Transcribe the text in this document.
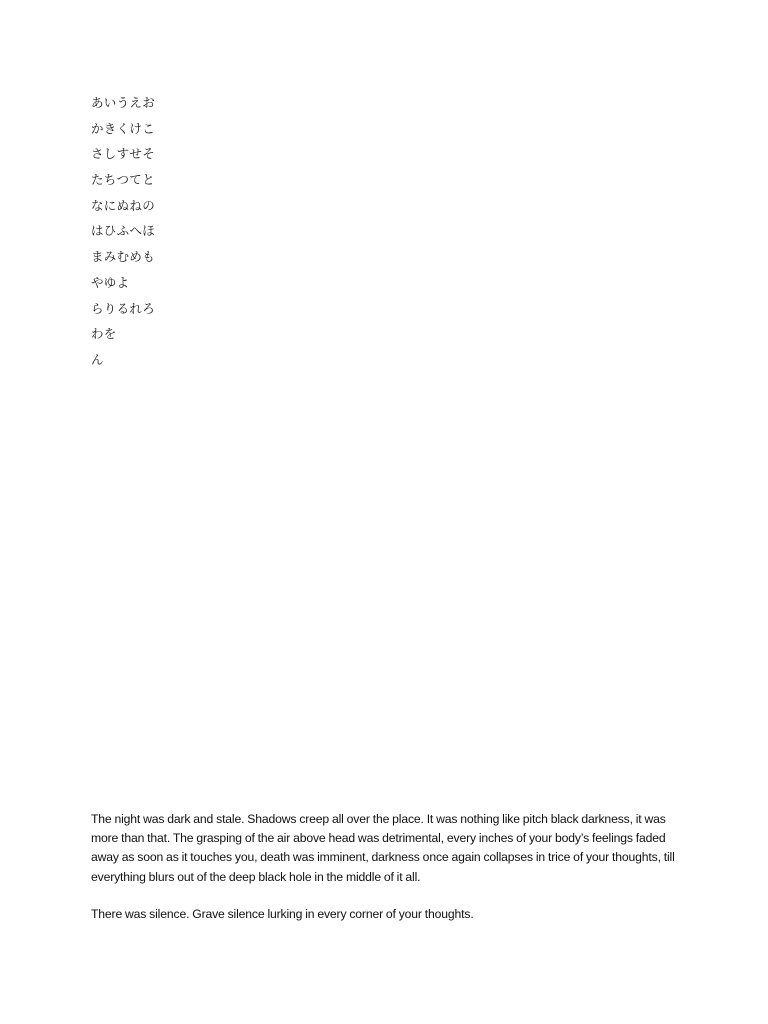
あいうえお
かきくけこ
さしすせそ
たちつてと
なにぬねの
はひふへほ
まみむめも
やゆよ
らりるれろ
わを
ん

The night was dark and stale. Shadows creep all over the place. It was nothing like pitch black darkness, it was more than that. The grasping of the air above head was detrimental, every inches of your body’s feelings faded away as soon as it touches you, death was imminent, darkness once again collapses in trice of your thoughts, till everything blurs out of the deep black hole in the middle of it all.

There was silence. Grave silence lurking in every corner of your thoughts.
